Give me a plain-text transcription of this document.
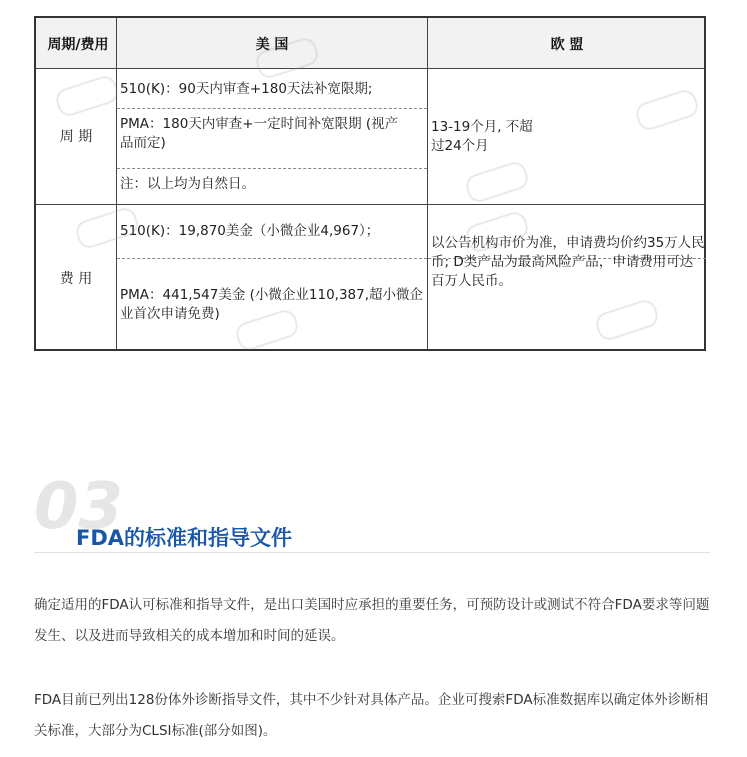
周期/费用	美 国	欧 盟
周 期
费 用
510(K)：90天内审查+180天法补宽限期;
PMA：180天内审查+一定时间补宽限期 (视产品而定)
注：以上均为自然日。
13-19个月, 不超过24个月
510(K)：19,870美金（小微企业4,967）；
PMA：441,547美金 (小微企业110,387,超小微企业首次申请免费)
以公告机构市价为准，申请费均价约35万人民币; D类产品为最高风险产品，申请费用可达百万人民币。
03
FDA的标准和指导文件
确定适用的FDA认可标准和指导文件，是出口美国时应承担的重要任务，可预防设计或测试不符合FDA要求等问题发生、以及进而导致相关的成本增加和时间的延误。
FDA目前已列出128份体外诊断指导文件，其中不少针对具体产品。企业可搜索FDA标准数据库以确定体外诊断相关标准，大部分为CLSI标准(部分如图)。
